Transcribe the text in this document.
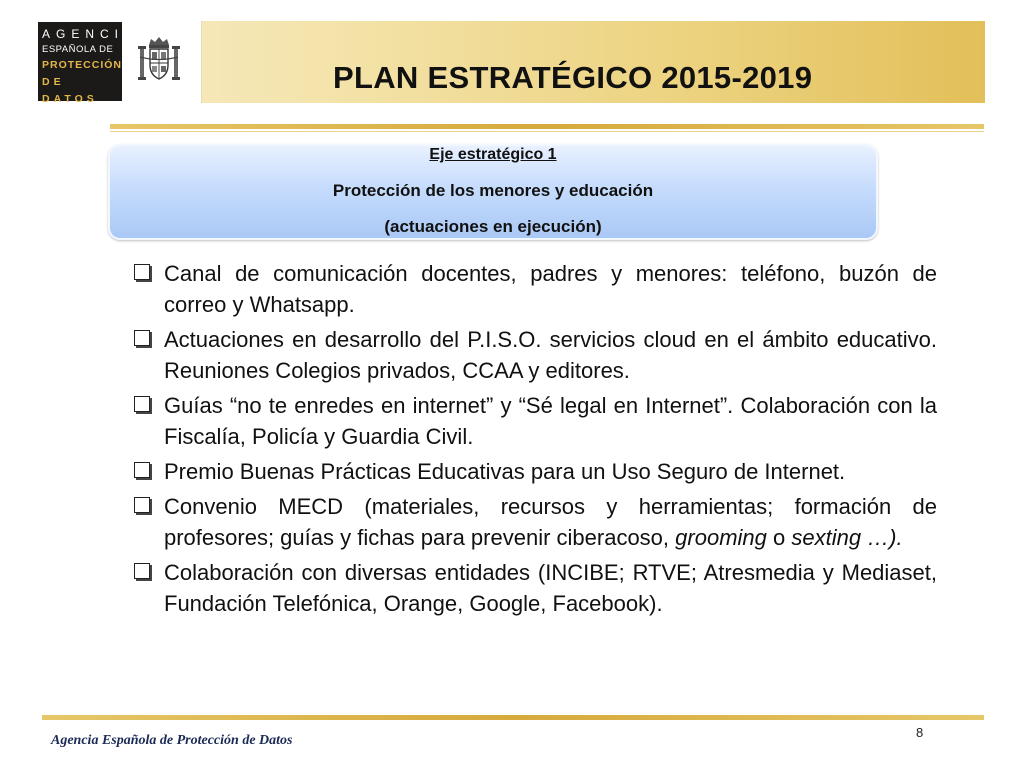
AGENCIA
ESPAÑOLA DE
PROTECCIÓN
DE DATOS
PLAN ESTRATÉGICO 2015-2019
Eje estratégico 1
Protección de los menores y educación
(actuaciones en ejecución)
Canal de comunicación docentes, padres y menores: teléfono, buzón de correo y Whatsapp.
Actuaciones en desarrollo del P.I.S.O. servicios cloud en el ámbito educativo. Reuniones Colegios privados, CCAA y editores.
Guías “no te enredes en internet” y “Sé legal en Internet”. Colaboración con la Fiscalía, Policía y Guardia Civil.
Premio Buenas Prácticas Educativas para un Uso Seguro de Internet.
Convenio MECD (materiales, recursos y herramientas; formación de profesores; guías y fichas para prevenir ciberacoso, grooming o sexting …).
Colaboración con diversas entidades (INCIBE; RTVE; Atresmedia y Mediaset, Fundación Telefónica, Orange, Google, Facebook).
Agencia Española de Protección de Datos
8
